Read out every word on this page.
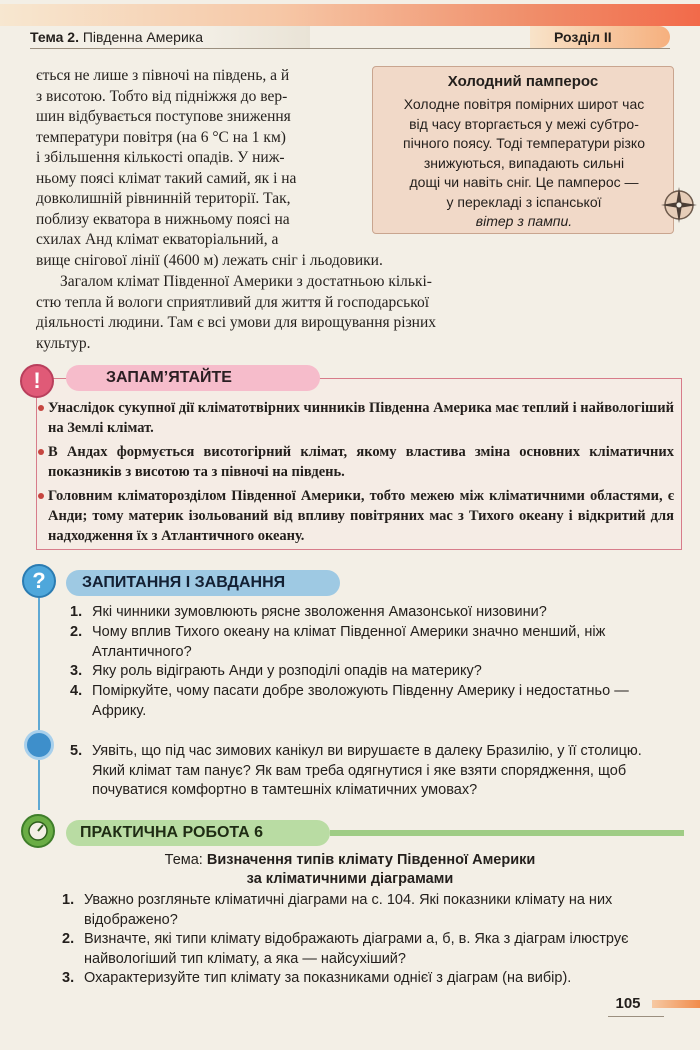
Тема 2. Південна Америка	Розділ ІІ
ється не лише з півночі на південь, а й
з висотою. Тобто від підніжжя до вер-
шин відбувається поступове зниження
температури повітря (на 6 °С на 1 км)
і збільшення кількості опадів. У ниж-
ньому поясі клімат такий самий, як і на
довколишній рівнинній території. Так,
поблизу екватора в нижньому поясі на
схилах Анд клімат екваторіальний, а
вище снігової лінії (4600 м) лежать сніг і льодовики.
Загалом клімат Південної Америки з достатньою кількі-
стю тепла й вологи сприятливий для життя й господарської
діяльності людини. Там є всі умови для вирощування різних
культур.
Холодний памперос
Холодне повітря помірних широт час
від часу вторгається у межі субтро-
пічного поясу. Тоді температури різко
знижуються, випадають сильні
дощі чи навіть сніг. Це памперос —
у перекладі з іспанської
вітер з пампи.
ЗАПАМ’ЯТАЙТЕ
!
Унаслідок сукупної дії кліматотвірних чинників Південна Америка має теплий і найвологіший на Землі клімат.
В Андах формується висотогірний клімат, якому властива зміна основних кліматичних показників з висотою та з півночі на південь.
Головним кліматорозділом Південної Америки, тобто межею між кліматичними областями, є Анди; тому материк ізольований від впливу повітряних мас з Тихого океану і відкритий для надходження їх з Атлантичного океану.
ЗАПИТАННЯ І ЗАВДАННЯ
?
1. Які чинники зумовлюють рясне зволоження Амазонської низовини?
2. Чому вплив Тихого океану на клімат Південної Америки значно менший, ніж Атлантичного?
3. Яку роль відіграють Анди у розподілі опадів на материку?
4. Поміркуйте, чому пасати добре зволожують Південну Америку і недостатньо — Африку.
5. Уявіть, що під час зимових канікул ви вирушаєте в далеку Бразилію, у її столицю. Який клімат там панує? Як вам треба одягнутися і яке взяти спорядження, щоб почуватися комфортно в тамтешніх кліматичних умовах?
ПРАКТИЧНА РОБОТА 6
Тема: Визначення типів клімату Південної Америки
за кліматичними діаграмами
1. Уважно розгляньте кліматичні діаграми на с. 104. Які показники клімату на них відображено?
2. Визначте, які типи клімату відображають діаграми а, б, в. Яка з діаграм ілюструє найвологіший тип клімату, а яка — найсухіший?
3. Охарактеризуйте тип клімату за показниками однієї з діаграм (на вибір).
105
